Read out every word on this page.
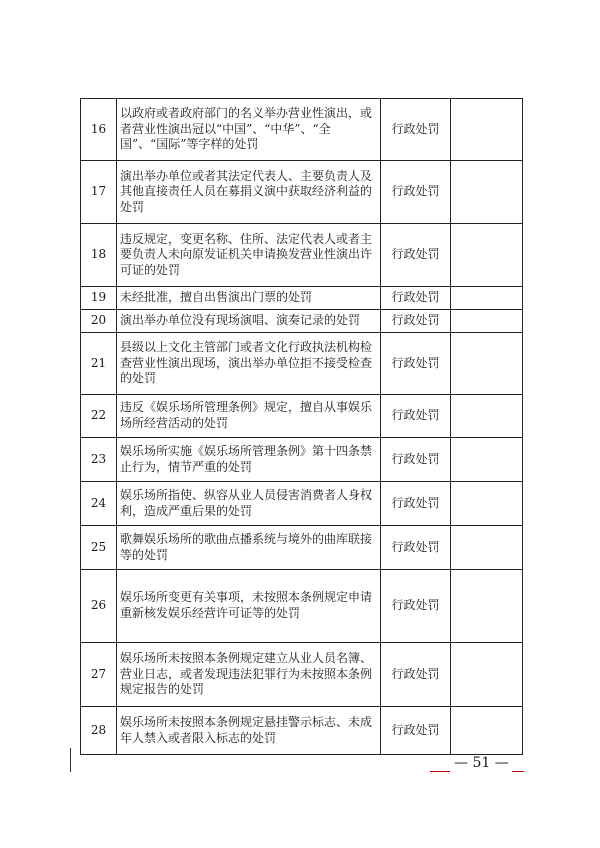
16	以政府或者政府部门的名义举办营业性演出，或者营业性演出冠以“中国”、“中华”、“全国”、“国际”等字样的处罚	行政处罚	
17	演出举办单位或者其法定代表人、主要负责人及其他直接责任人员在募捐义演中获取经济利益的处罚	行政处罚	
18	违反规定，变更名称、住所、法定代表人或者主要负责人未向原发证机关申请换发营业性演出许可证的处罚	行政处罚	
19	未经批准，擅自出售演出门票的处罚	行政处罚	
20	演出举办单位没有现场演唱、演奏记录的处罚	行政处罚	
21	县级以上文化主管部门或者文化行政执法机构检查营业性演出现场，演出举办单位拒不接受检查的处罚	行政处罚	
22	违反《娱乐场所管理条例》规定，擅自从事娱乐场所经营活动的处罚	行政处罚	
23	娱乐场所实施《娱乐场所管理条例》第十四条禁止行为，情节严重的处罚	行政处罚	
24	娱乐场所指使、纵容从业人员侵害消费者人身权利，造成严重后果的处罚	行政处罚	
25	歌舞娱乐场所的歌曲点播系统与境外的曲库联接等的处罚	行政处罚	
26	娱乐场所变更有关事项，未按照本条例规定申请重新核发娱乐经营许可证等的处罚	行政处罚	
27	娱乐场所未按照本条例规定建立从业人员名簿、营业日志，或者发现违法犯罪行为未按照本条例规定报告的处罚	行政处罚	
28	娱乐场所未按照本条例规定悬挂警示标志、未成年人禁入或者限入标志的处罚	行政处罚	
— 51 —
